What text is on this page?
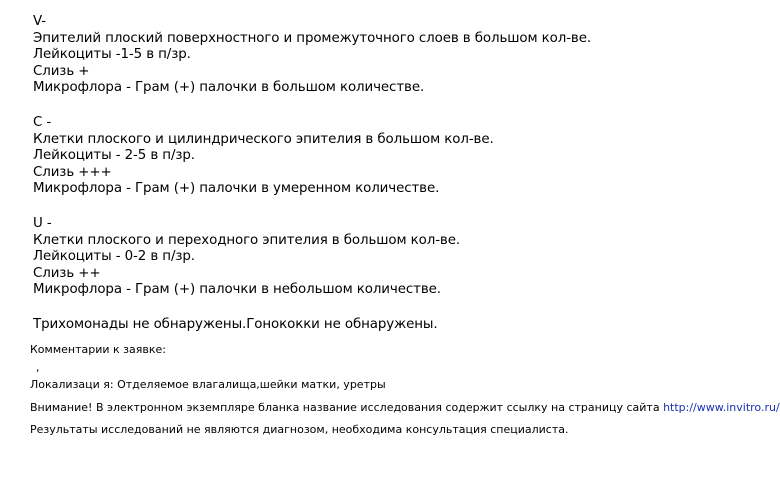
V-
Эпителий плоский поверхностного и промежуточного слоев в большом кол-ве.
Лейкоциты -1-5 в п/зр.
Слизь +
Микрофлора - Грам (+) палочки в большом количестве.
C -
Клетки плоского и цилиндрического эпителия в большом кол-ве.
Лейкоциты - 2-5 в п/зр.
Слизь +++
Микрофлора - Грам (+) палочки в умеренном количестве.
U -
Клетки плоского и переходного эпителия в большом кол-ве.
Лейкоциты - 0-2 в п/зр.
Слизь ++
Микрофлора - Грам (+) палочки в небольшом количестве.
Трихомонады не обнаружены.Гонококки не обнаружены.
Комментарии к заявке:
,
Локализаци я: Отделяемое влагалища,шейки матки, уретры
Внимание! В электронном экземпляре бланка название исследования содержит ссылку на страницу сайта http://www.invitro.ru/
Результаты исследований не являются диагнозом, необходима консультация специалиста.
